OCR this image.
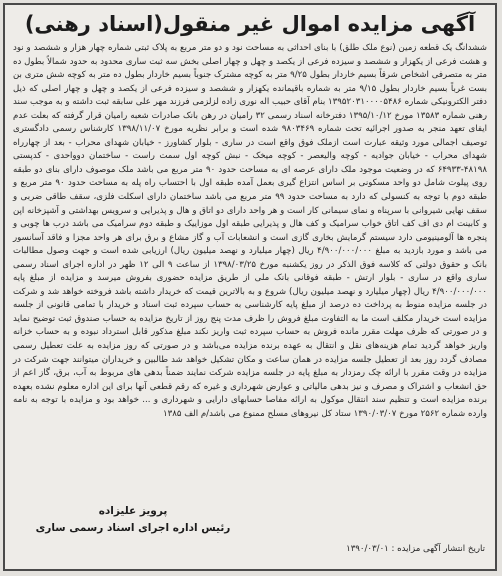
آگهی مزایده اموال غیر منقول(اسناد رهنی)

ششدانگ یک قطعه زمین (نوع ملک طلق) با بنای احداثی به مساحت نود و دو متر مربع به پلاک ثبتی شماره چهار هزار و ششصد و نود و هشت فرعی از یکهزار و ششصد و سیزده فرعی از یکصد و چهل و چهار اصلی بخش سه ثبت ساری محدود به حدود شمالاً بطول ده متر به متصرفی اشخاص شرقاً بسیم خاردار بطول ۹/۲۵ متر به کوچه مشترک جنوباً بسیم خاردار بطول ده متر به کوچه شش متری بن بست غرباً بسیم خاردار بطول ۹/۱۵ متر به شماره باقیمانده یکهزار و ششصد و سیزده فرعی از یکصد و چهل و چهار اصلی که ذیل دفتر الکترونیکی شماره ۱۳۹۵۲۰۳۱۰۰۰۰۵۴۸۶ بنام آقای حبیب اله نوری زاده لزلزمی فرزند مهر علی سابقه ثبت داشته و به موجب سند رهنی شماره ۱۳۵۸۳ مورخ ۱۳۹۵/۱۰/۱۲ دفترخانه اسناد رسمی ۳۲ رامیان در رهن بانک صادرات شعبه رامیان قرار گرفته که بعلت عدم ایفای تعهد منجر به صدور اجرائیه تحت شماره ۹۸۰۳۴۶۹ شده است و برابر نظریه مورخ ۱۳۹۸/۱۱/۰۷ کارشناس رسمی دادگستری توصیف اجمالی مورد وثیقه عبارت است ازملک فوق واقع است در ساری - بلوار کشاورز - خیابان شهدای محراب - بعد از چهارراه شهدای محراب - خیابان جوادیه - کوچه والیعصر - کوچه میخک - نبش کوچه اول سمت راست - ساختمان دوواحدی - کدپستی ۴۸۱۹۸-۶۴۹۳۳ که در وضعیت موجود ملک دارای عرصه ای به مساحت حدود ۹۰ متر مربع می باشد ملک موصوف دارای بنای دو طبقه روی پیلوت شامل دو واحد مسکونی بر اساس انتزاع گیری بعمل آمده طبقه اول با احتساب راه پله به مساحت حدود ۹۰ متر مربع و طبقه دوم با توجه به کنسولی که دارد به مساحت حدود ۹۹ متر مربع می باشد ساختمان دارای اسکلت فلزی، سقف طاقی ضربی و سقف نهایی شیروانی با سرپناه و نمای سیمانی کار است و هر واحد دارای دو اتاق و هال و پذیرایی و سرویس بهداشتی و آشپزخانه اپن و کابینت ام دی اف کف اتاق خواب سرامیک و کف هال و پذیرایی طبقه اول موزاییک و طبقه دوم سرامیک می باشد درب ها چوبی و پنجره ها آلومینیومی دارد سیستم گرمایش بخاری گازی است و انشعابات آب و گاز مشاع و برق برای هر واحد مجزا و فاقد آسانسور می باشد و مورد بازدید به مبلغ ۴/۹۰۰/۰۰۰/۰۰۰ ریال (چهار میلیارد و نهصد میلیون ریال) ارزیابی شده است و جهت وصول مطالبات بانک و حقوق دولتی که کلاسه فوق الذکر در روز یکشنبه مورخ ۱۳۹۸/۰۳/۲۵ از ساعت ۹ الی ۱۲ ظهر در اداره اجرای اسناد رسمی ساری واقع در ساری - بلوار ارتش - طبقه فوقانی بانک ملی از طریق مزایده حضوری بفروش میرسد و مزایده از مبلغ پایه ۴/۹۰۰/۰۰۰/۰۰۰ ریال (چهار میلیارد و نهصد میلیون ریال) شروع و به بالاترین قیمت که خریدار داشته باشد فروخته خواهد شد و شرکت در جلسه مزایده منوط به پرداخت ده درصد از مبلغ پایه کارشناسی به حساب سپرده ثبت اسناد و خریدار با تمامی قانونی از جلسه مزایده است خریدار مکلف است ما به التفاوت مبلغ فروش را ظرف مدت پنج روز از تاریخ مزایده به حساب صندوق ثبت توضیح نماید و در صورتی که ظرف مهلت مقرر مانده فروش به حساب سپرده ثبت واریز نکند مبلغ مذکور قابل استرداد نبوده و به حساب خزانه واریز خواهد گردید تمام هزینه‌های نقل و انتقال به عهده برنده مزایده می‌باشد و در صورتی که روز مزایده به علت تعطیل رسمی مصادف گردد روز بعد از تعطیل جلسه مزایده در همان ساعت و مکان تشکیل خواهد شد طالبین و خریداران میتوانند جهت شرکت در مزایده در وقت مقرر با ارائه چک رمزدار به مبلغ پایه در جلسه مزایده شرکت نمایند ضمناً بدهی های مربوط به آب، برق، گاز اعم از حق انشعاب و اشتراک و مصرف و نیز بدهی مالیاتی و عوارض شهرداری و غیره که رقم قطعی آنها برای این اداره معلوم نشده بعهده برنده مزایده است و تنظیم سند انتقال موکول به ارائه مفاصا حسابهای دارایی و شهرداری و ... خواهد بود و مزایده با توجه به نامه وارده شماره ۲۵۶۲ مورخ ۱۳۹۰/۰۳/۰۷ ستاد کل نیروهای مسلح ممنوع می باشد/م الف ۱۳۸۵

پرویز علیزاده
رئیس اداره اجرای اسناد رسمی ساری
تاریخ انتشار آگهی مزایده : ۱۳۹۰/۰۳/۰۱
